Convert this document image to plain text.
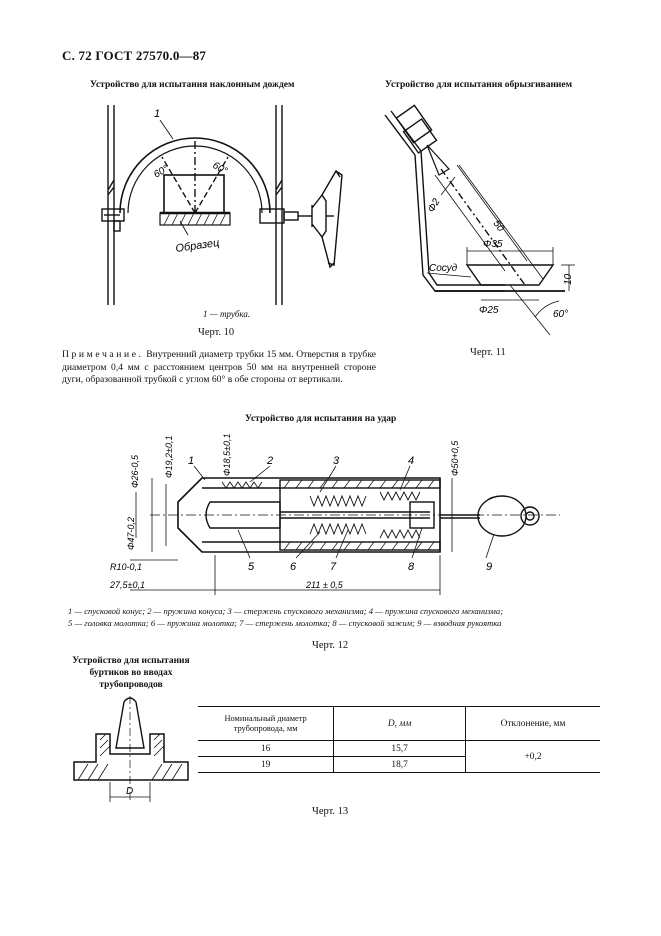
С. 72 ГОСТ 27570.0—87
Устройство для испытания наклонным дождем
1
60°	60°
Образец
1 — трубка.
Черт. 10
Устройство для испытания обрызгиванием
Φ2
50
Φ35
Сосуд
10
Φ25	60°
Черт. 11
Примечание. Внутренний диаметр трубки 15 мм. Отверстия в трубке диаметром 0,4 мм с расстоянием центров 50 мм на внутренней стороне дуги, образованной трубкой с углом 60° в обе стороны от вертикали.
Устройство для испытания на удар
Φ26-0,5	Φ19,2±0,1	Φ18,5±0,1	Φ50+0,5
Φ47-0,2
R10-0,1
27,5±0,1	211 ± 0,5
1	2	3	4
5	6	7	8	9
1 — спусковой конус; 2 — пружина конуса; 3 — стержень спускового механизма; 4 — пружина спускового механизма;
5 — головка молотка; 6 — пружина молотка; 7 — стержень молотка; 8 — спусковой зажим; 9 — взводная рукоятка
Черт. 12
Устройство для испытания
буртиков во вводах
трубопроводов
D
Номинальный диаметр трубопровода, мм	D, мм	Отклонение, мм
16	15,7	+0,2
19	18,7	
Черт. 13
